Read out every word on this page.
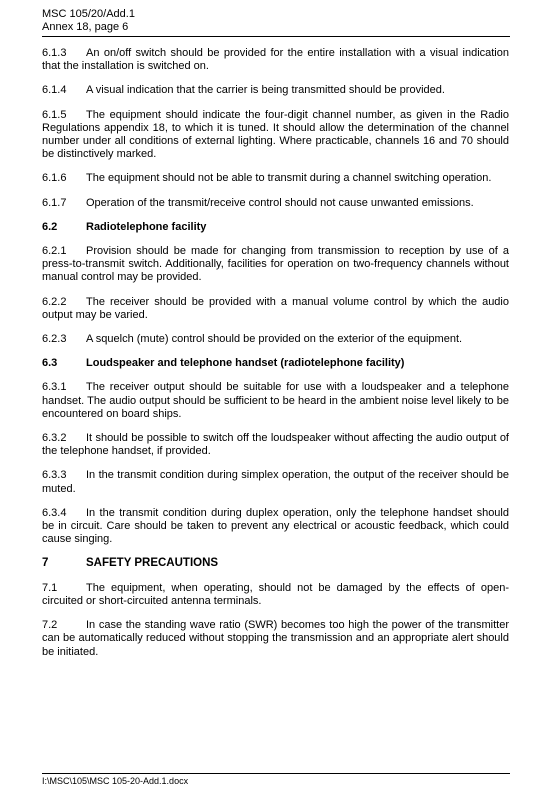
MSC 105/20/Add.1
Annex 18, page 6

6.1.3 An on/off switch should be provided for the entire installation with a visual indication that the installation is switched on.

6.1.4 A visual indication that the carrier is being transmitted should be provided.

6.1.5 The equipment should indicate the four-digit channel number, as given in the Radio Regulations appendix 18, to which it is tuned. It should allow the determination of the channel number under all conditions of external lighting. Where practicable, channels 16 and 70 should be distinctively marked.

6.1.6 The equipment should not be able to transmit during a channel switching operation.

6.1.7 Operation of the transmit/receive control should not cause unwanted emissions.

6.2	Radiotelephone facility

6.2.1 Provision should be made for changing from transmission to reception by use of a press-to-transmit switch. Additionally, facilities for operation on two-frequency channels without manual control may be provided.

6.2.2 The receiver should be provided with a manual volume control by which the audio output may be varied.

6.2.3 A squelch (mute) control should be provided on the exterior of the equipment.

6.3	Loudspeaker and telephone handset (radiotelephone facility)

6.3.1 The receiver output should be suitable for use with a loudspeaker and a telephone handset. The audio output should be sufficient to be heard in the ambient noise level likely to be encountered on board ships.

6.3.2 It should be possible to switch off the loudspeaker without affecting the audio output of the telephone handset, if provided.

6.3.3 In the transmit condition during simplex operation, the output of the receiver should be muted.

6.3.4 In the transmit condition during duplex operation, only the telephone handset should be in circuit. Care should be taken to prevent any electrical or acoustic feedback, which could cause singing.

7	SAFETY PRECAUTIONS

7.1	The equipment, when operating, should not be damaged by the effects of open-circuited or short-circuited antenna terminals.

7.2	In case the standing wave ratio (SWR) becomes too high the power of the transmitter can be automatically reduced without stopping the transmission and an appropriate alert should be initiated.

I:\MSC\105\MSC 105-20-Add.1.docx
